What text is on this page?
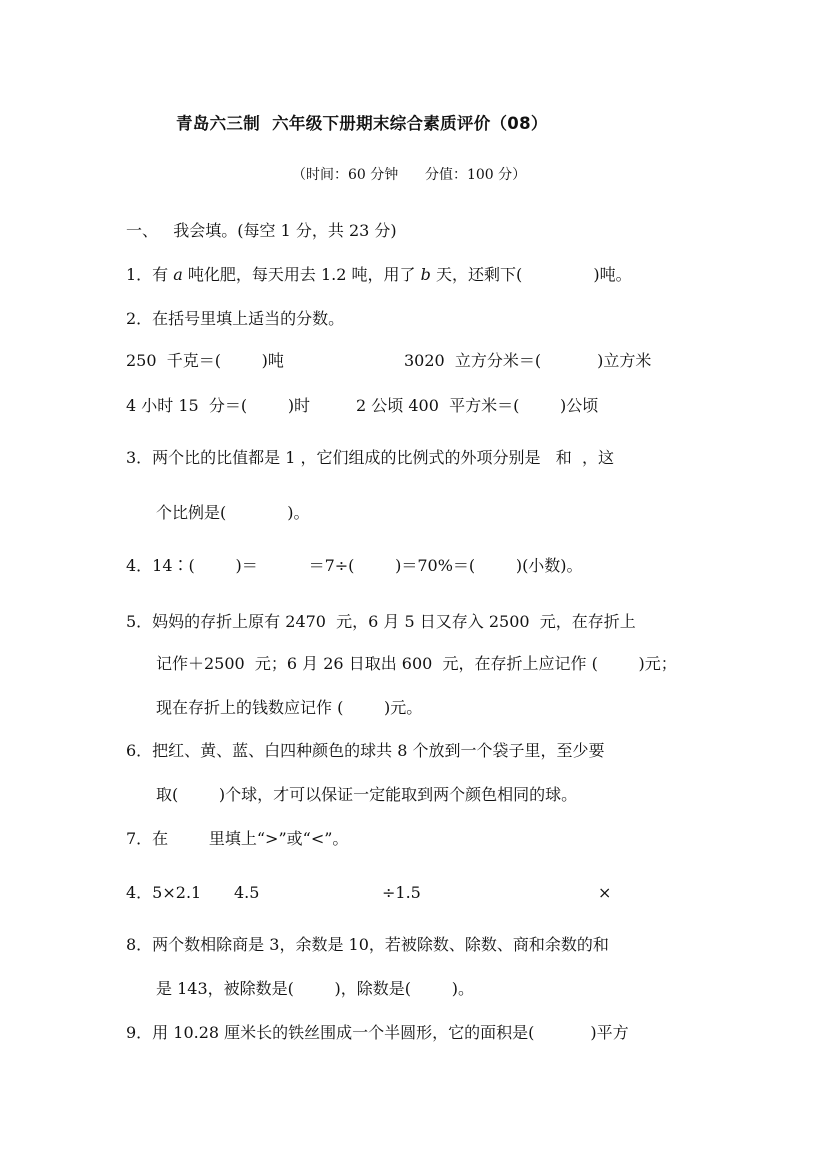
青岛六三制  六年级下册期末综合素质评价（08）
（时间：60 分钟      分值：100 分）
一、   我会填。(每空 1 分，共 23 分)
1．有 a 吨化肥，每天用去 1.2 吨，用了 b 天，还剩下(              )吨。
2．在括号里填上适当的分数。
250  千克＝(        )吨	3020  立方分米＝(           )立方米
4 小时 15  分＝(        )时	2 公顷 400  平方米＝(        )公顷
3．两个比的比值都是 1 ，它们组成的比例式的外项分别是   和  ，这
个比例是(            )。
4．14∶(        )＝          ＝7÷(        )＝70%＝(        )(小数)。
5．妈妈的存折上原有 2470  元，6 月 5 日又存入 2500  元，在存折上
记作＋2500  元；6 月 26 日取出 600  元，在存折上应记作 (        )元；
现在存折上的钱数应记作 (        )元。
6．把红、黄、蓝、白四种颜色的球共 8 个放到一个袋子里，至少要
取(        )个球，才可以保证一定能取到两个颜色相同的球。
7．在        里填上“>”或“<”。
4．5×2.1 4.5	÷1.5	×
8．两个数相除商是 3，余数是 10，若被除数、除数、商和余数的和
是 143，被除数是(        )，除数是(        )。
9．用 10.28 厘米长的铁丝围成一个半圆形，它的面积是(           )平方
